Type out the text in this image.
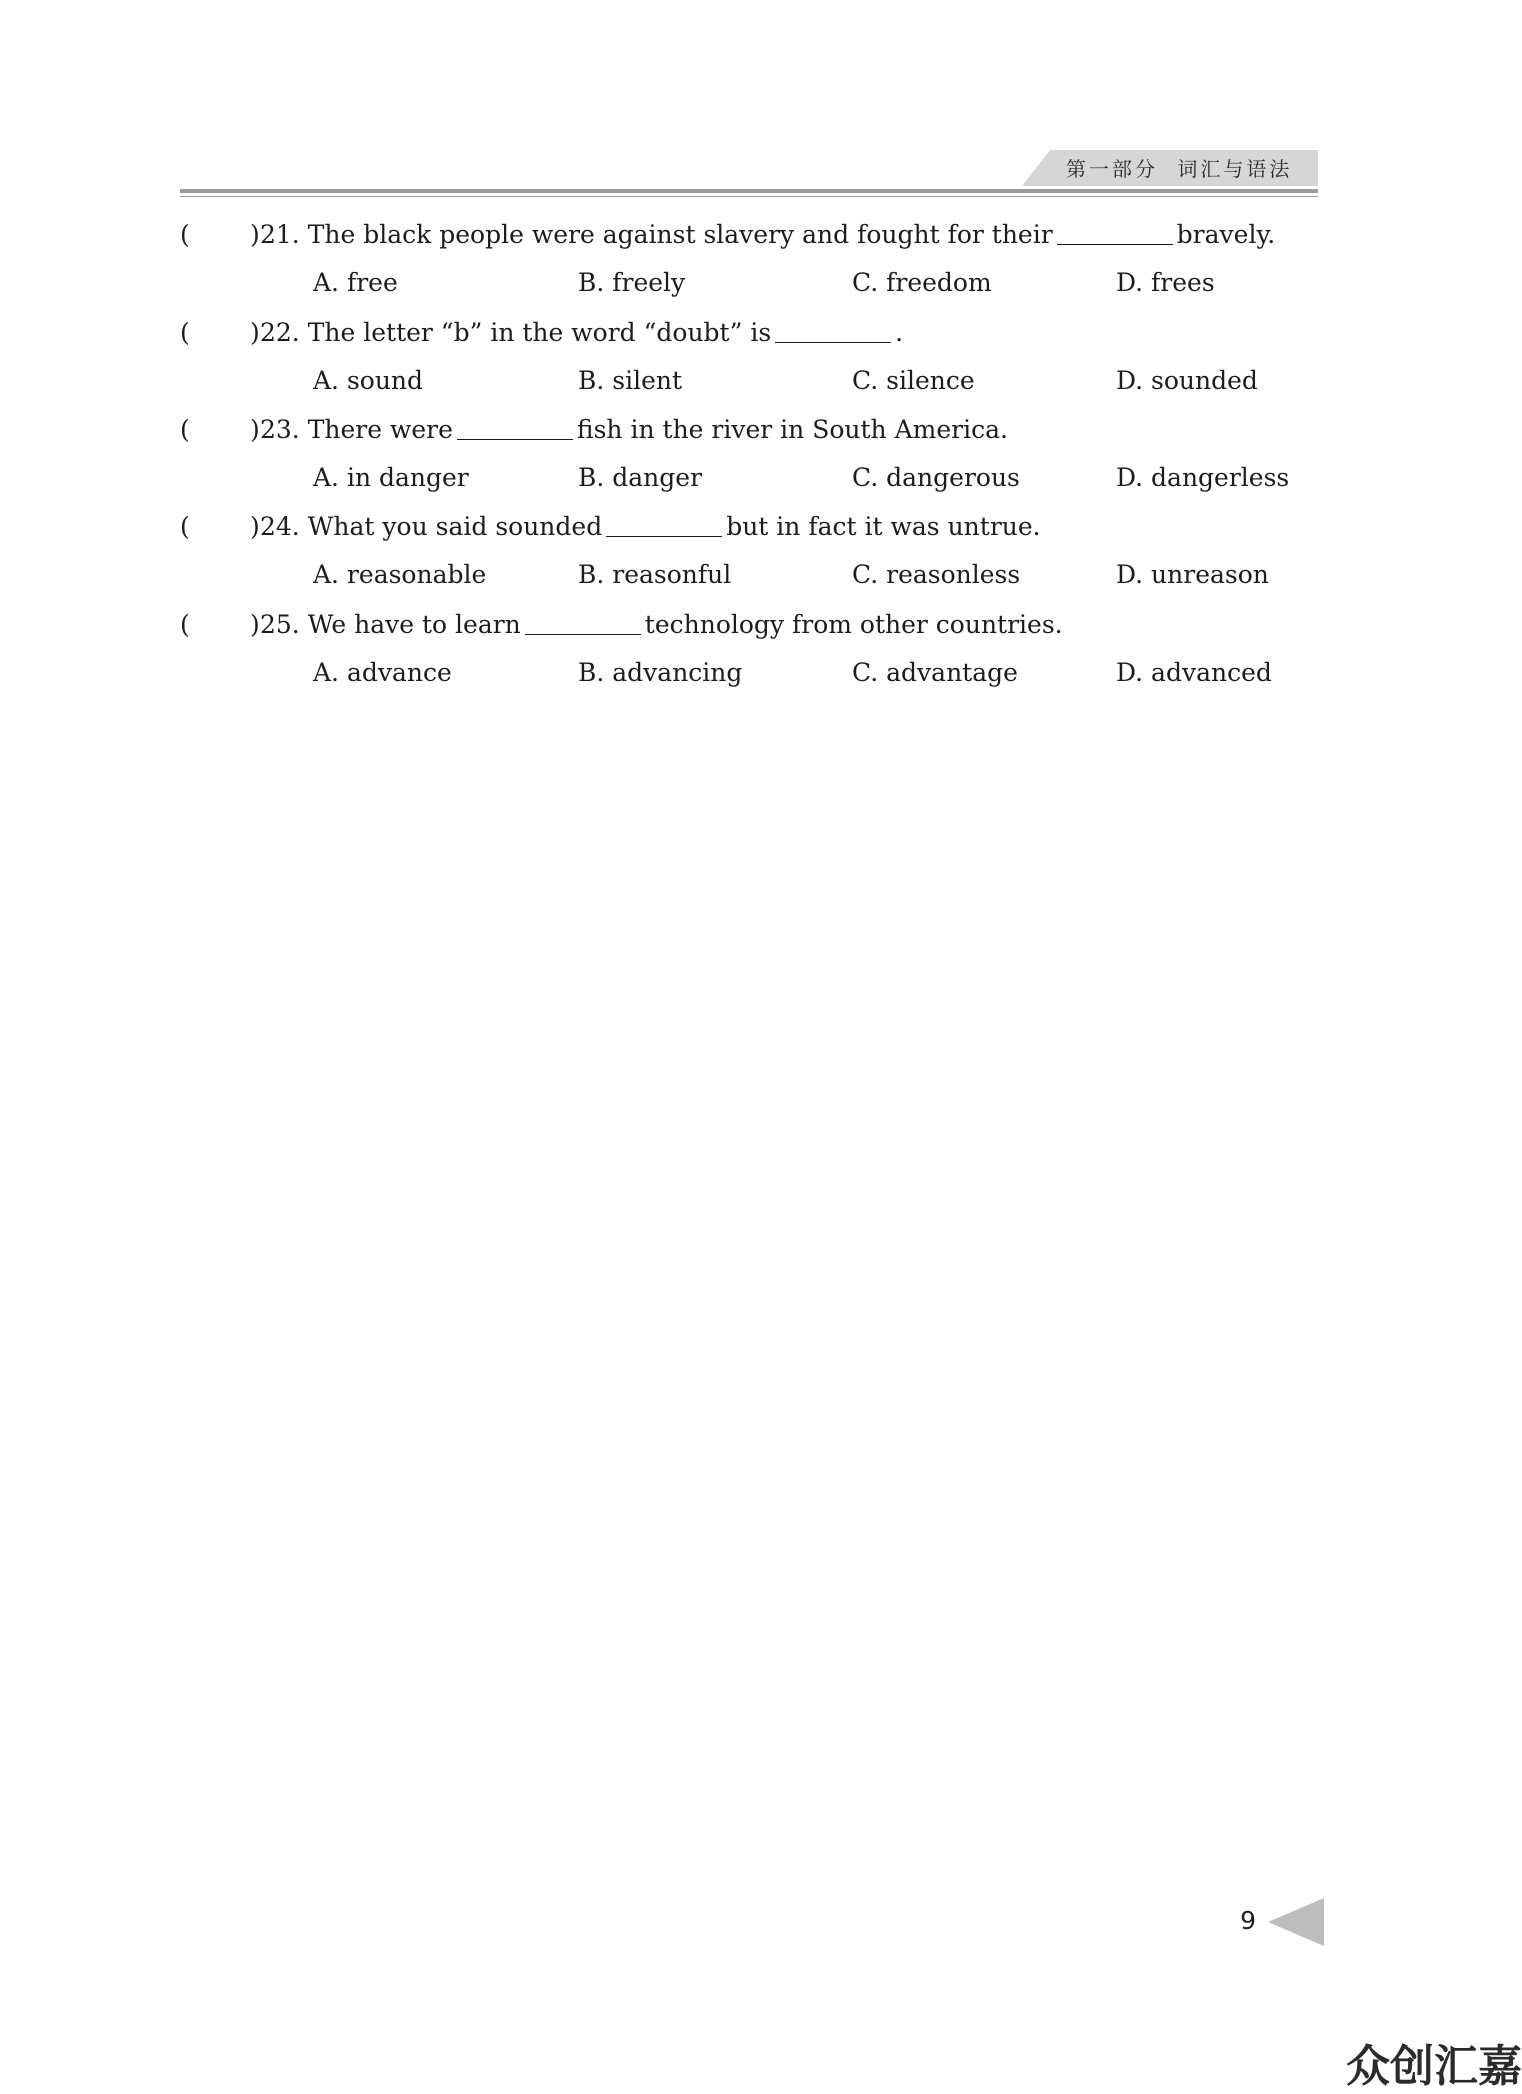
第一部分 词汇与语法
( ) 21. The black people were against slavery and fought for their	bravely.
A. free	B. freely	C. freedom	D. frees
( ) 22. The letter “b” in the word “doubt” is	.
A. sound	B. silent	C. silence	D. sounded
( ) 23. There were	fish in the river in South America.
A. in danger	B. danger	C. dangerous	D. dangerless
( ) 24. What you said sounded	but in fact it was untrue.
A. reasonable	B. reasonful	C. reasonless	D. unreason
( ) 25. We have to learn	technology from other countries.
A. advance	B. advancing	C. advantage	D. advanced
9
众创汇嘉
